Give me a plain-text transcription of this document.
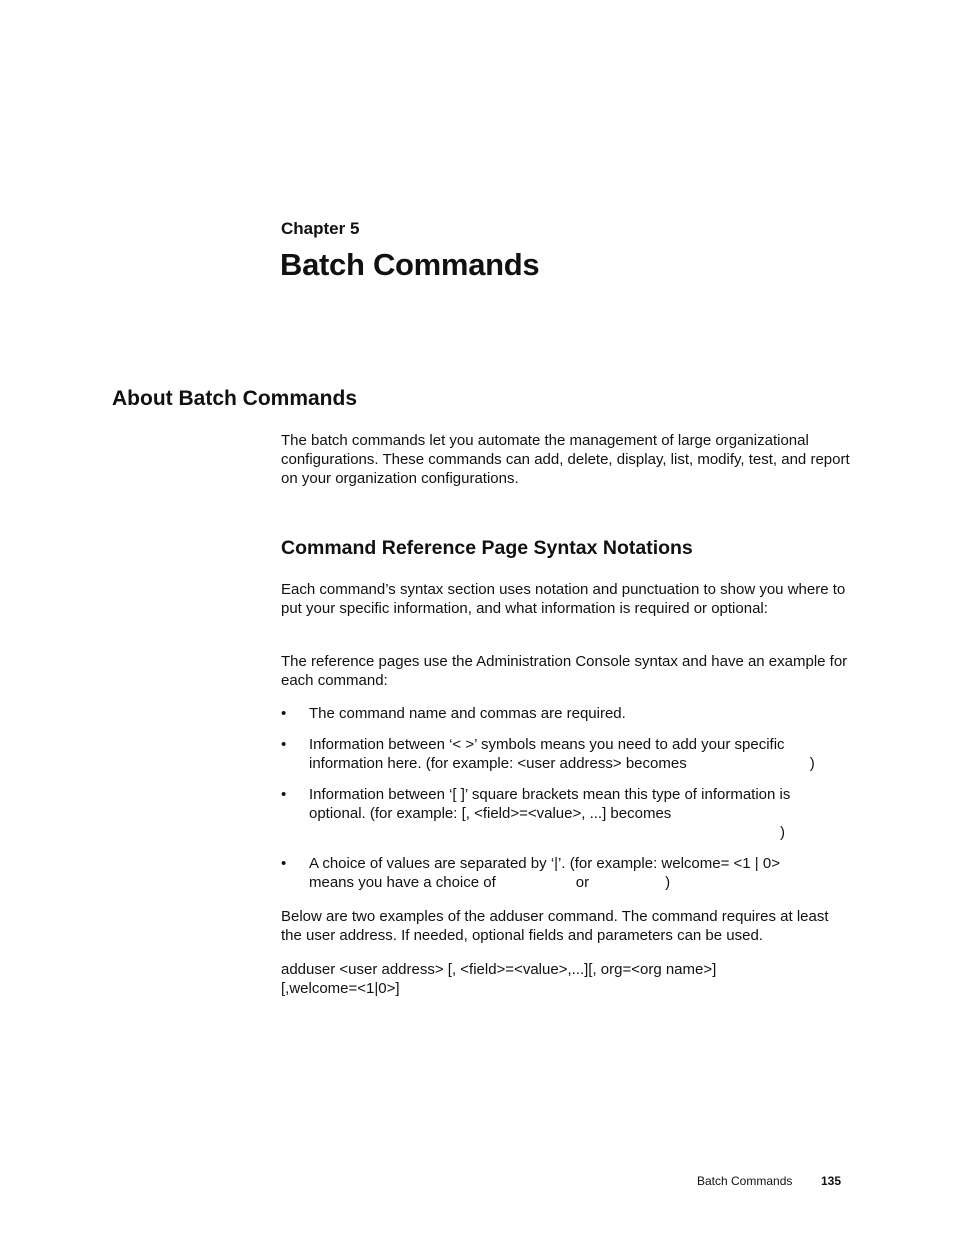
Chapter 5
Batch Commands
About Batch Commands

The batch commands let you automate the management of large organizational configurations. These commands can add, delete, display, list, modify, test, and report on your organization configurations.

Command Reference Page Syntax Notations

Each command’s syntax section uses notation and punctuation to show you where to put your specific information, and what information is required or optional:

The reference pages use the Administration Console syntax and have an example for each command:

• The command name and commas are required.
• Information between ‘< >’ symbols means you need to add your specific
information here. (for example: <user address> becomes	)
• Information between ‘[ ]’ square brackets mean this type of information is
optional. (for example: [, <field>=<value>, ...] becomes
)
• A choice of values are separated by ‘|’. (for example: welcome= <1 | 0>
means you have a choice of	or	)

Below are two examples of the adduser command. The command requires at least the user address. If needed, optional fields and parameters can be used.

adduser <user address> [, <field>=<value>,...][, org=<org name>]
[,welcome=<1|0>]
Batch Commands 135
